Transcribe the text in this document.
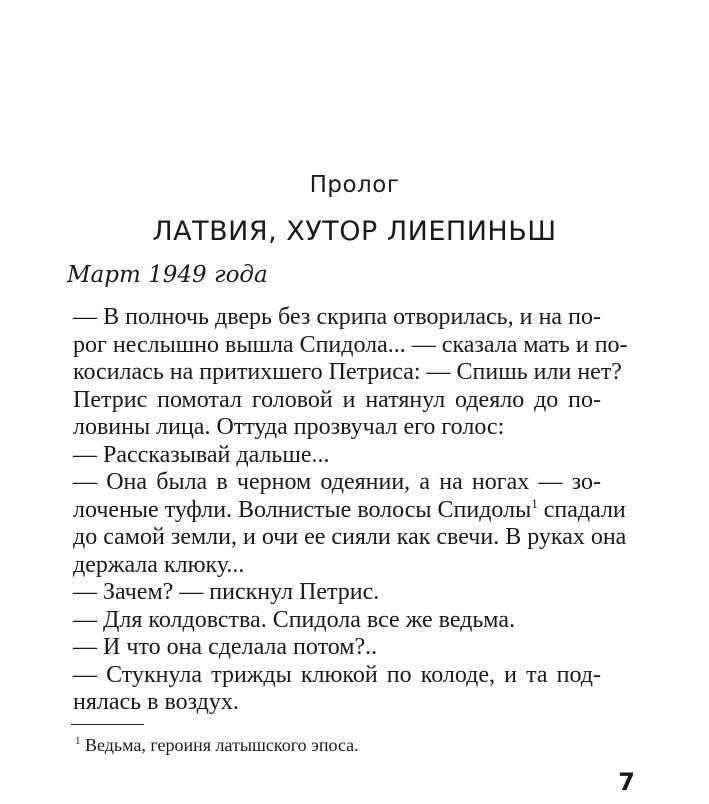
Пролог
ЛАТВИЯ, ХУТОР ЛИЕПИНЬШ
Март 1949 года
— В полночь дверь без скрипа отворилась, и на по-
рог неслышно вышла Спидола... — сказала мать и по-
косилась на притихшего Петриса: — Спишь или нет?
Петрис помотал головой и натянул одеяло до по-
ловины лица. Оттуда прозвучал его голос:
— Рассказывай дальше...
— Она была в черном одеянии, а на ногах — зо-
лоченые туфли. Волнистые волосы Спидолы$^1$ спадали
до самой земли, и очи ее сияли как свечи. В руках она
держала клюку...
— Зачем? — пискнул Петрис.
— Для колдовства. Спидола все же ведьма.
— И что она сделала потом?..
— Стукнула трижды клюкой по колоде, и та под-
нялась в воздух.
$^1$ Ведьма, героиня латышского эпоса.
7
